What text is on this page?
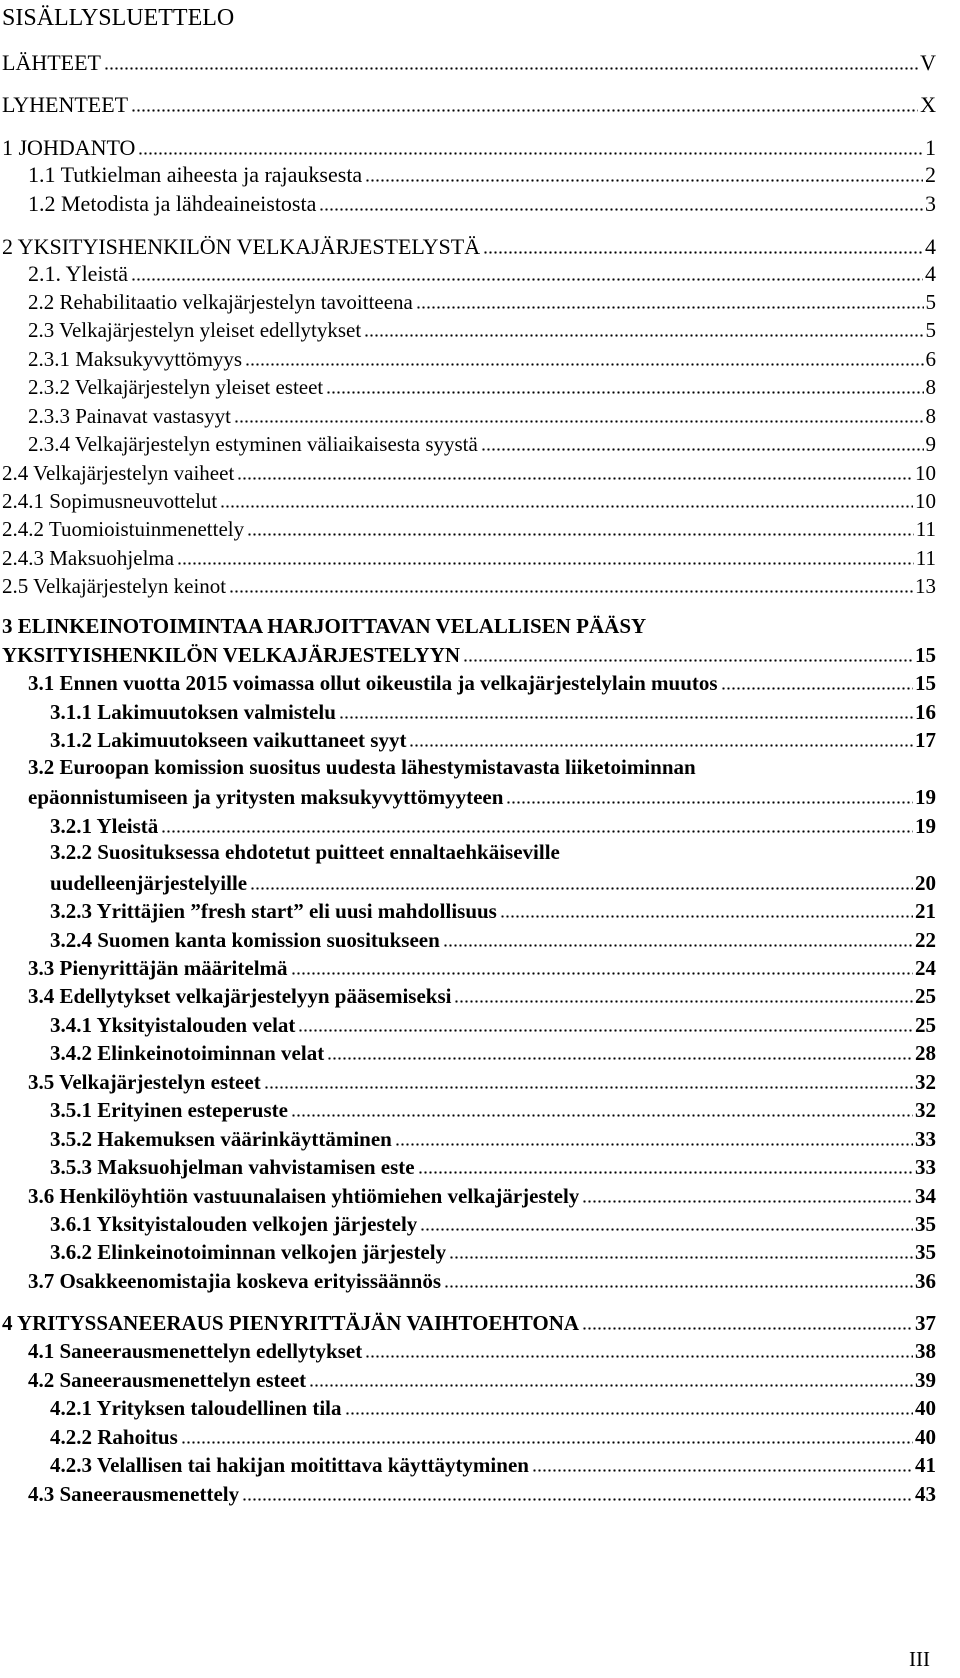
SISÄLLYSLUETTELO
LÄHTEET	V
LYHENTEET	X
1 JOHDANTO	1
1.1 Tutkielman aiheesta ja rajauksesta	2
1.2 Metodista ja lähdeaineistosta	3
2 YKSITYISHENKILÖN VELKAJÄRJESTELYSTÄ	4
2.1. Yleistä	4
2.2 Rehabilitaatio velkajärjestelyn tavoitteena	5
2.3 Velkajärjestelyn yleiset edellytykset	5
2.3.1 Maksukyvyttömyys	6
2.3.2 Velkajärjestelyn yleiset esteet	8
2.3.3 Painavat vastasyyt	8
2.3.4 Velkajärjestelyn estyminen väliaikaisesta syystä	9
2.4 Velkajärjestelyn vaiheet	10
2.4.1 Sopimusneuvottelut	10
2.4.2 Tuomioistuinmenettely	11
2.4.3 Maksuohjelma	11
2.5 Velkajärjestelyn keinot	13
3 ELINKEINOTOIMINTAA HARJOITTAVAN VELALLISEN PÄÄSY
YKSITYISHENKILÖN VELKAJÄRJESTELYYN	15
3.1 Ennen vuotta 2015 voimassa ollut oikeustila ja velkajärjestelylain muutos	15
3.1.1 Lakimuutoksen valmistelu	16
3.1.2 Lakimuutokseen vaikuttaneet syyt	17
3.2 Euroopan komission suositus uudesta lähestymistavasta liiketoiminnan
epäonnistumiseen ja yritysten maksukyvyttömyyteen	19
3.2.1 Yleistä	19
3.2.2 Suosituksessa ehdotetut puitteet ennaltaehkäiseville
uudelleenjärjestelyille	20
3.2.3 Yrittäjien ”fresh start” eli uusi mahdollisuus	21
3.2.4 Suomen kanta komission suositukseen	22
3.3 Pienyrittäjän määritelmä	24
3.4 Edellytykset velkajärjestelyyn pääsemiseksi	25
3.4.1 Yksityistalouden velat	25
3.4.2 Elinkeinotoiminnan velat	28
3.5 Velkajärjestelyn esteet	32
3.5.1 Erityinen esteperuste	32
3.5.2 Hakemuksen väärinkäyttäminen	33
3.5.3 Maksuohjelman vahvistamisen este	33
3.6 Henkilöyhtiön vastuunalaisen yhtiömiehen velkajärjestely	34
3.6.1 Yksityistalouden velkojen järjestely	35
3.6.2 Elinkeinotoiminnan velkojen järjestely	35
3.7 Osakkeenomistajia koskeva erityissäännös	36
4 YRITYSSANEERAUS PIENYRITTÄJÄN VAIHTOEHTONA	37
4.1 Saneerausmenettelyn edellytykset	38
4.2 Saneerausmenettelyn esteet	39
4.2.1 Yrityksen taloudellinen tila	40
4.2.2 Rahoitus	40
4.2.3 Velallisen tai hakijan moitittava käyttäytyminen	41
4.3 Saneerausmenettely	43
III
